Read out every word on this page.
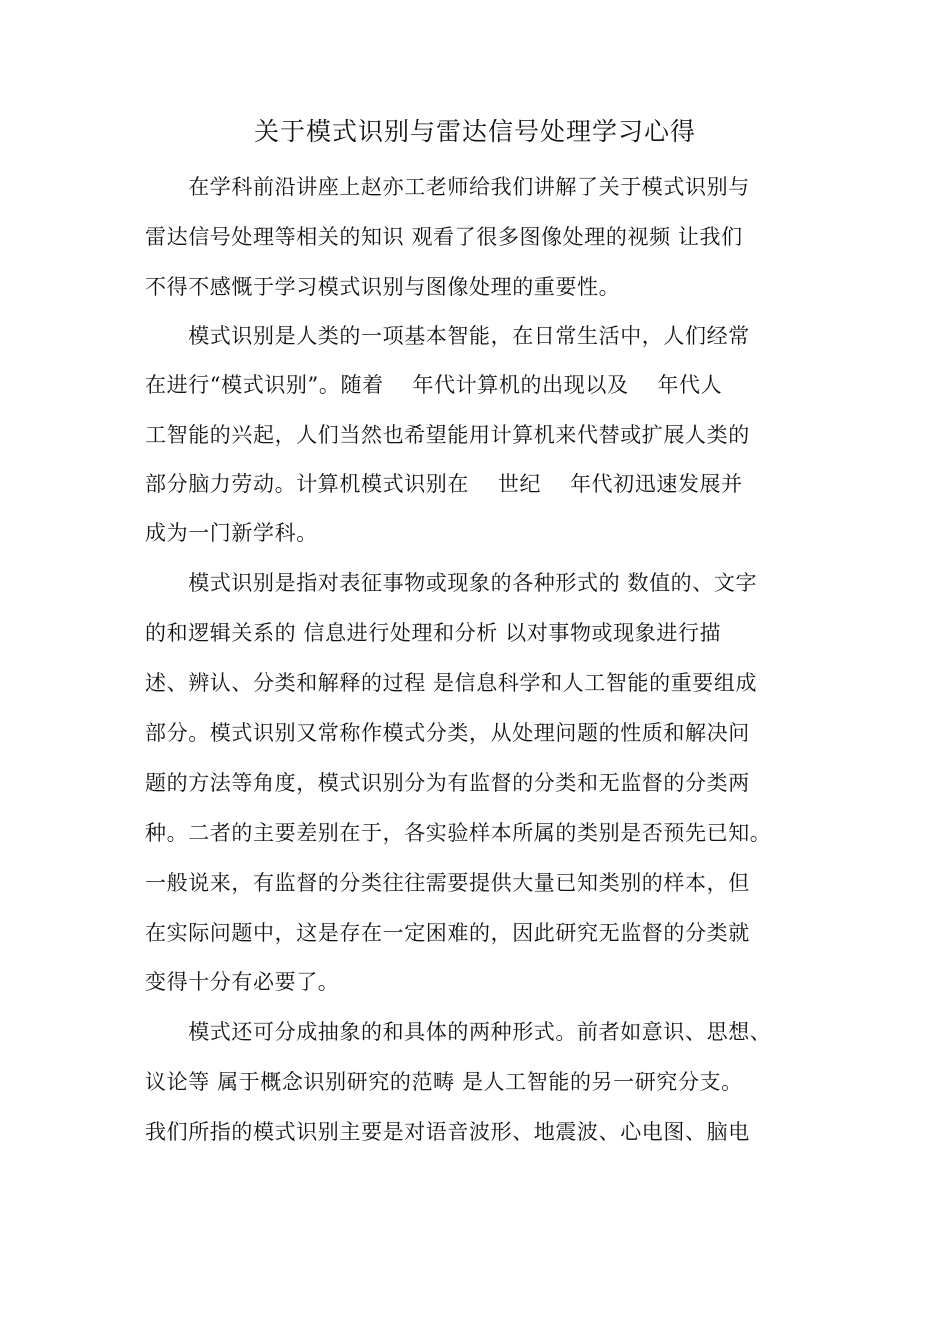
关于模式识别与雷达信号处理学习心得
　　在学科前沿讲座上赵亦工老师给我们讲解了关于模式识别与
雷达信号处理等相关的知识 观看了很多图像处理的视频 让我们
不得不感慨于学习模式识别与图像处理的重要性。
　　模式识别是人类的一项基本智能，在日常生活中，人们经常
在进行“模式识别”。随着　 年代计算机的出现以及　 年代人
工智能的兴起，人们当然也希望能用计算机来代替或扩展人类的
部分脑力劳动。计算机模式识别在　 世纪　 年代初迅速发展并
成为一门新学科。
　　模式识别是指对表征事物或现象的各种形式的 数值的、文字
的和逻辑关系的 信息进行处理和分析 以对事物或现象进行描
述、辨认、分类和解释的过程 是信息科学和人工智能的重要组成
部分。模式识别又常称作模式分类，从处理问题的性质和解决问
题的方法等角度，模式识别分为有监督的分类和无监督的分类两
种。二者的主要差别在于，各实验样本所属的类别是否预先已知。
一般说来，有监督的分类往往需要提供大量已知类别的样本，但
在实际问题中，这是存在一定困难的，因此研究无监督的分类就
变得十分有必要了。
　　模式还可分成抽象的和具体的两种形式。前者如意识、思想、
议论等 属于概念识别研究的范畴 是人工智能的另一研究分支。
我们所指的模式识别主要是对语音波形、地震波、心电图、脑电
